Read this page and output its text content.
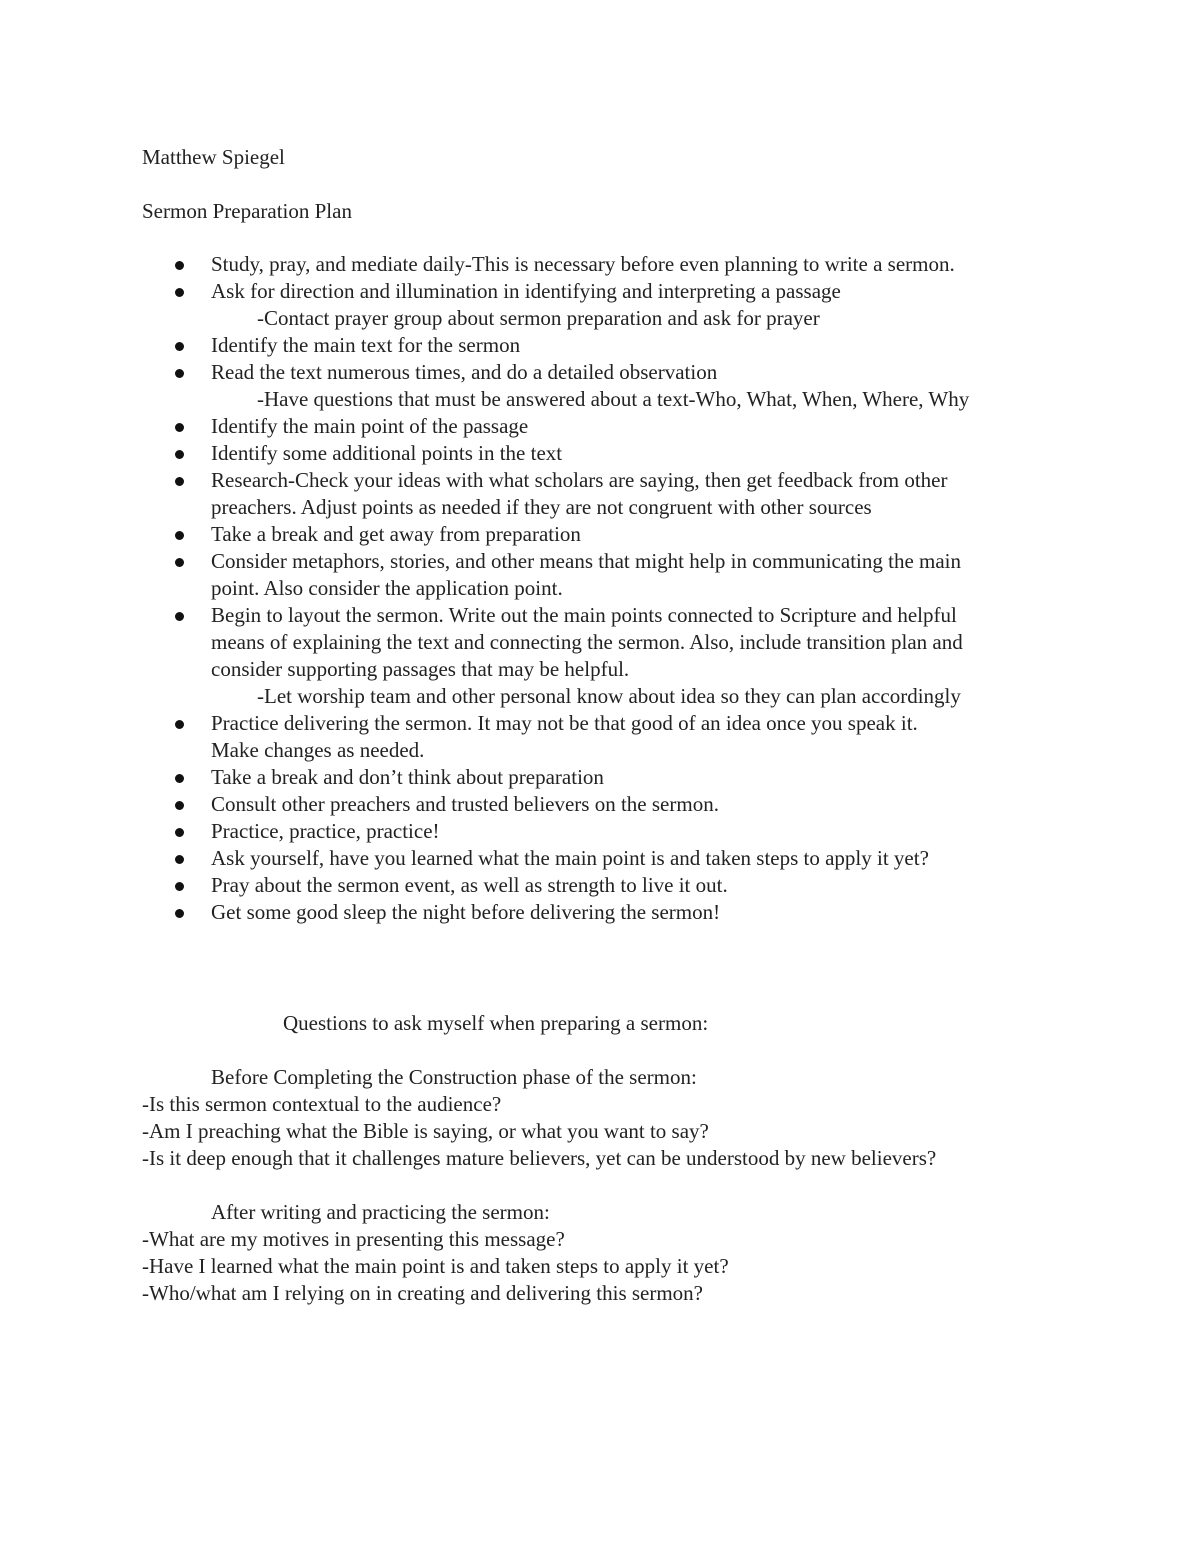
Matthew Spiegel
Sermon Preparation Plan
Study, pray, and mediate daily-This is necessary before even planning to write a sermon.
Ask for direction and illumination in identifying and interpreting a passage
-Contact prayer group about sermon preparation and ask for prayer
Identify the main text for the sermon
Read the text numerous times, and do a detailed observation
-Have questions that must be answered about a text-Who, What, When, Where, Why
Identify the main point of the passage
Identify some additional points in the text
Research-Check your ideas with what scholars are saying, then get feedback from other
preachers. Adjust points as needed if they are not congruent with other sources
Take a break and get away from preparation
Consider metaphors, stories, and other means that might help in communicating the main
point. Also consider the application point.
Begin to layout the sermon. Write out the main points connected to Scripture and helpful
means of explaining the text and connecting the sermon. Also, include transition plan and
consider supporting passages that may be helpful.
-Let worship team and other personal know about idea so they can plan accordingly
Practice delivering the sermon. It may not be that good of an idea once you speak it.
Make changes as needed.
Take a break and don’t think about preparation
Consult other preachers and trusted believers on the sermon.
Practice, practice, practice!
Ask yourself, have you learned what the main point is and taken steps to apply it yet?
Pray about the sermon event, as well as strength to live it out.
Get some good sleep the night before delivering the sermon!
Questions to ask myself when preparing a sermon:
Before Completing the Construction phase of the sermon:
-Is this sermon contextual to the audience?
-Am I preaching what the Bible is saying, or what you want to say?
-Is it deep enough that it challenges mature believers, yet can be understood by new believers?
After writing and practicing the sermon:
-What are my motives in presenting this message?
-Have I learned what the main point is and taken steps to apply it yet?
-Who/what am I relying on in creating and delivering this sermon?
